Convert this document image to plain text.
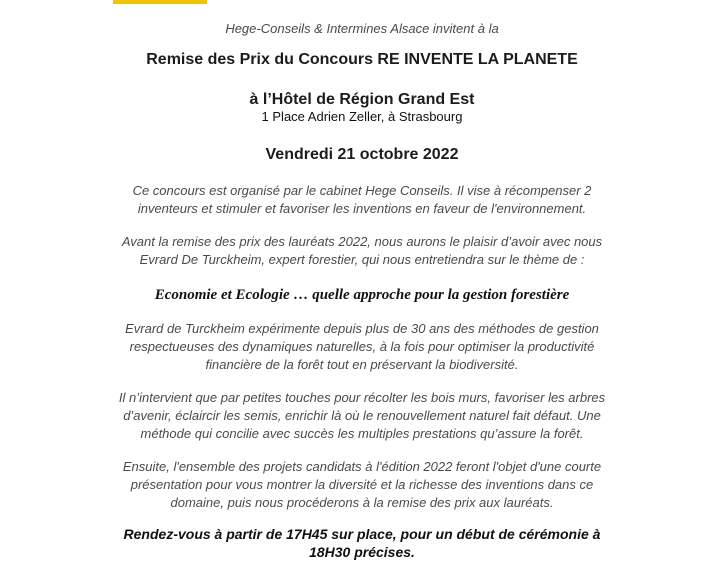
Hege-Conseils & Intermines Alsace invitent à la
Remise des Prix du Concours RE INVENTE LA PLANETE
à l’Hôtel de Région Grand Est
1 Place Adrien Zeller, à Strasbourg
Vendredi 21 octobre 2022
Ce concours est organisé par le cabinet Hege Conseils. Il vise à récompenser 2
inventeurs et stimuler et favoriser les inventions en faveur de l'environnement.
Avant la remise des prix des lauréats 2022, nous aurons le plaisir d’avoir avec nous
Evrard De Turckheim, expert forestier, qui nous entretiendra sur le thème de :
Economie et Ecologie … quelle approche pour la gestion forestière
Evrard de Turckheim expérimente depuis plus de 30 ans des méthodes de gestion
respectueuses des dynamiques naturelles, à la fois pour optimiser la productivité
financière de la forêt tout en préservant la biodiversité.
Il n’intervient que par petites touches pour récolter les bois murs, favoriser les arbres
d’avenir, éclaircir les semis, enrichir là où le renouvellement naturel fait défaut. Une
méthode qui concilie avec succès les multiples prestations qu’assure la forêt.
Ensuite, l'ensemble des projets candidats à l'édition 2022 feront l'objet d'une courte
présentation pour vous montrer la diversité et la richesse des inventions dans ce
domaine, puis nous procéderons à la remise des prix aux lauréats.
Rendez-vous à partir de 17H45 sur place, pour un début de cérémonie à
18H30 précises.
